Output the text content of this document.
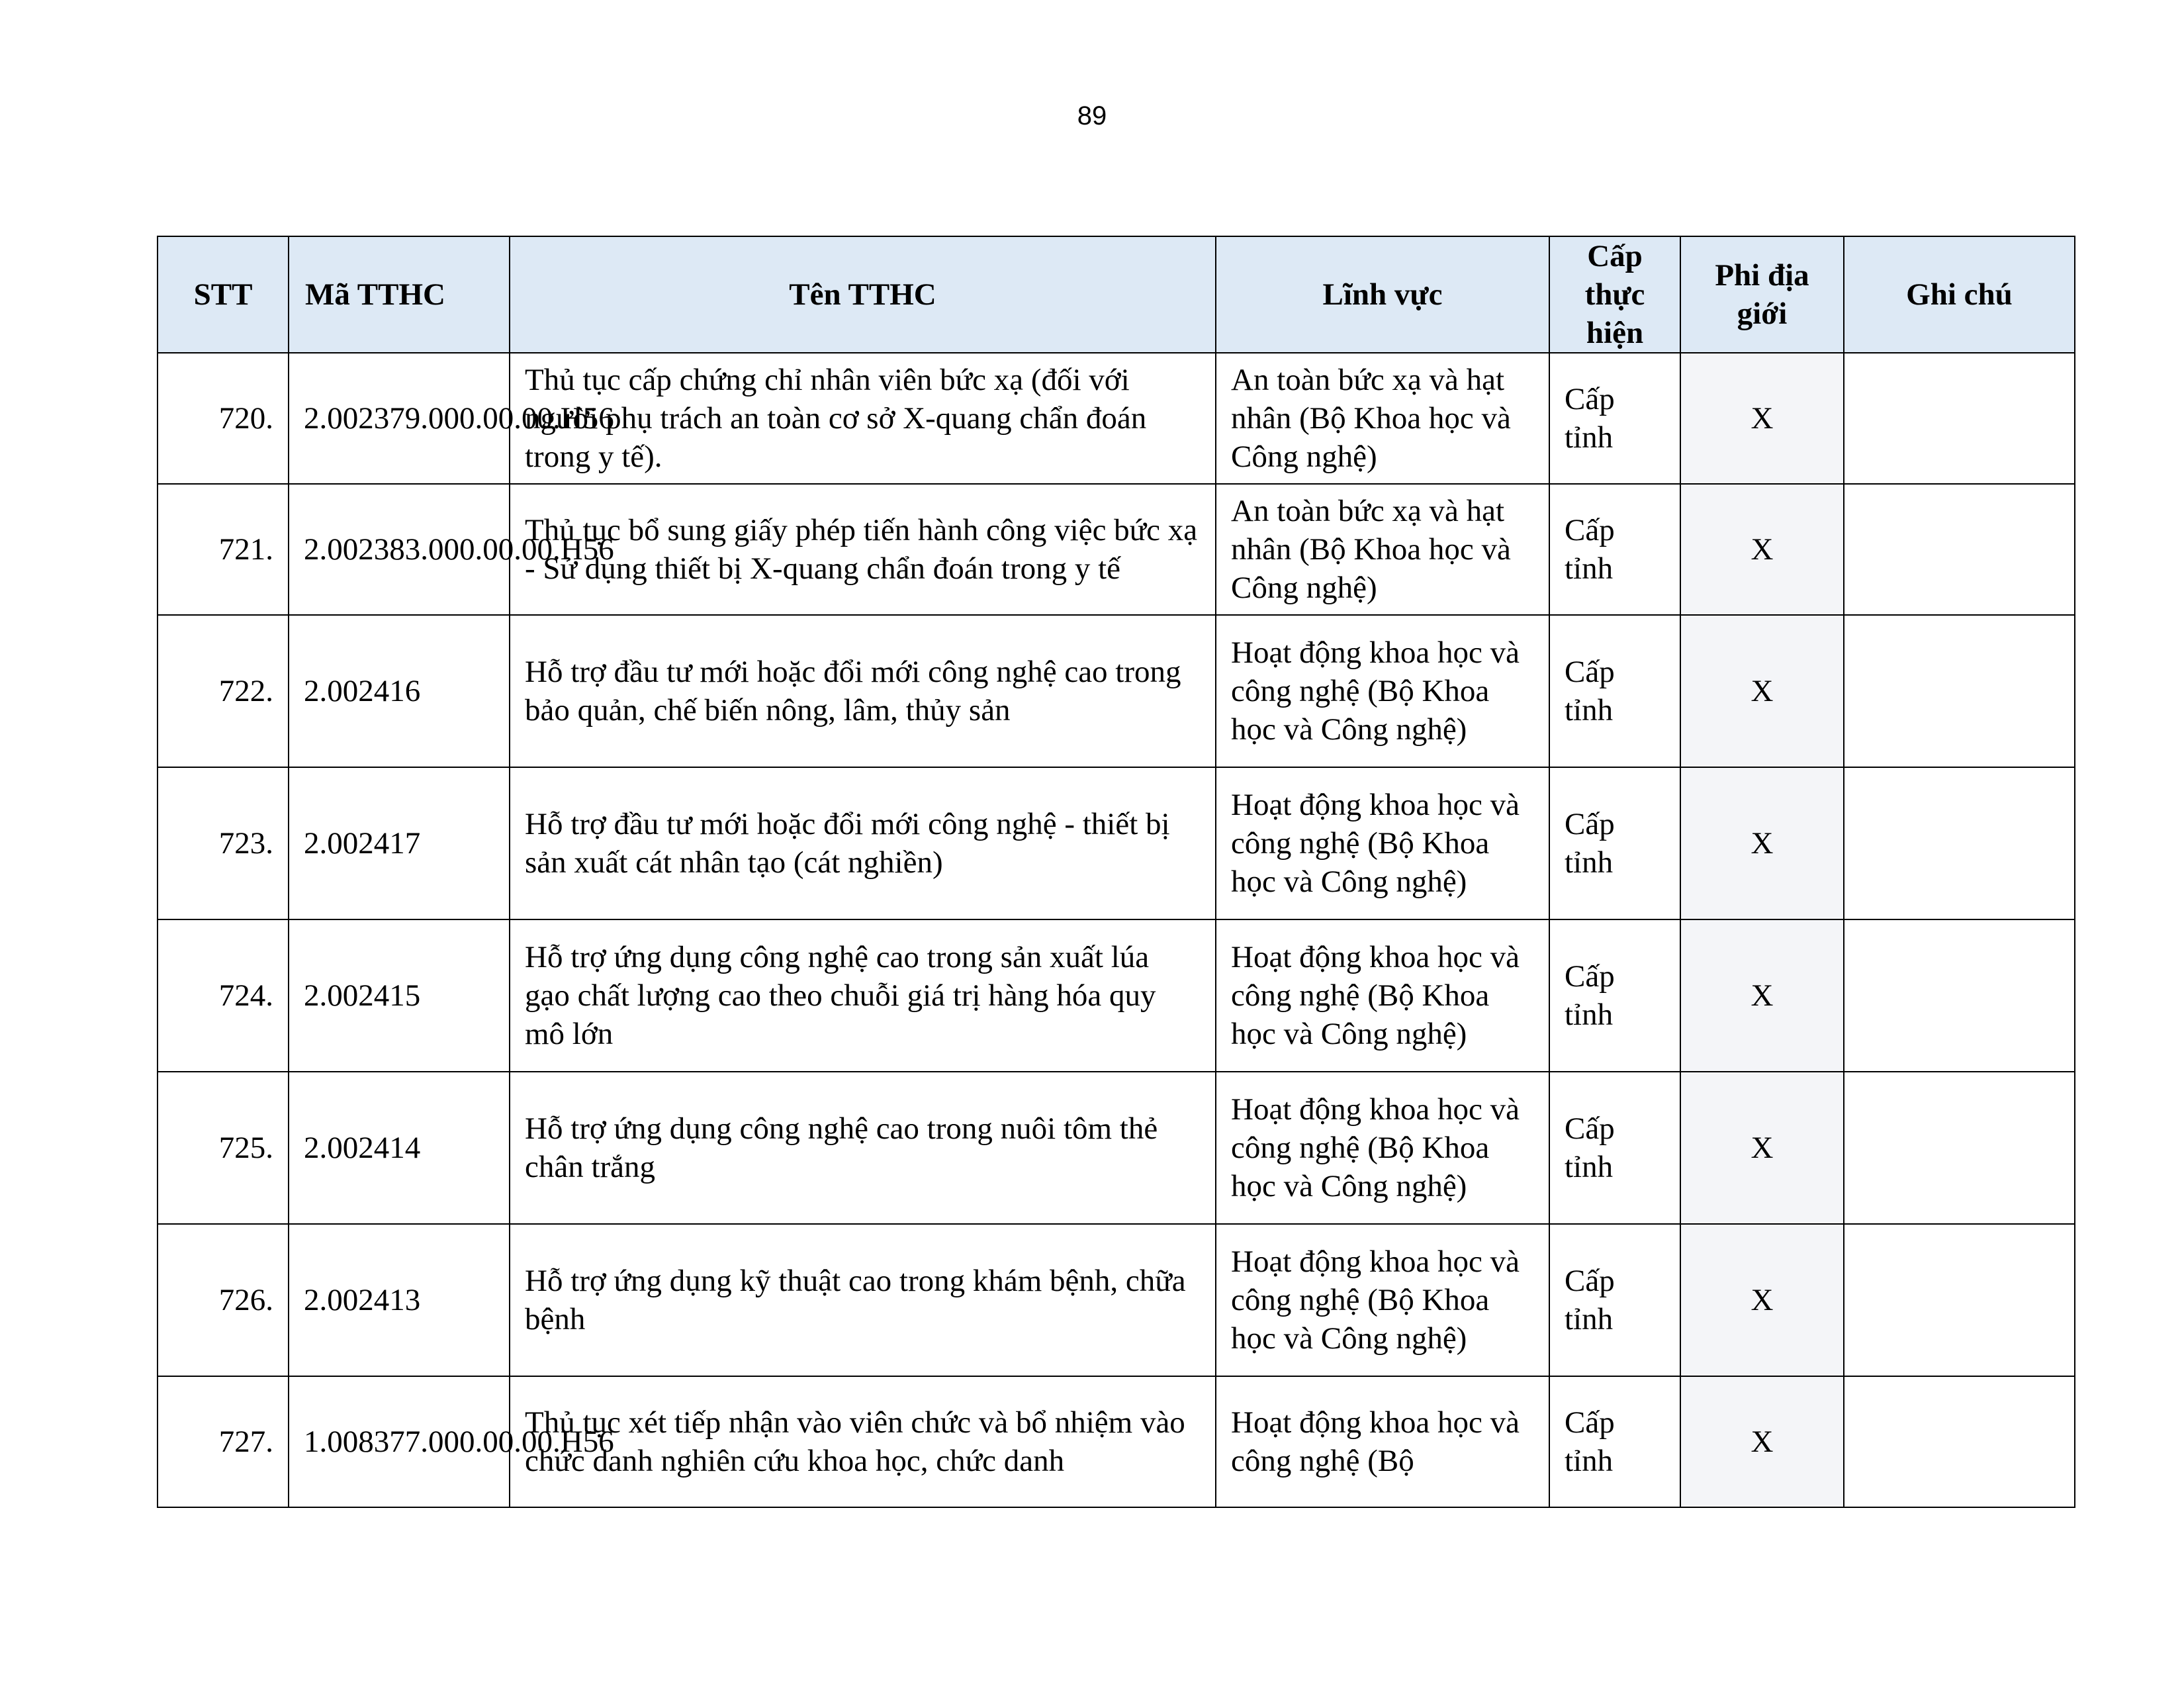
89
STT	Mã TTHC	Tên TTHC	Lĩnh vực	Cấp thực hiện	Phi địa giới	Ghi chú
720.	2.002379.000.00.00.H56	Thủ tục cấp chứng chỉ nhân viên bức xạ (đối với người phụ trách an toàn cơ sở X-quang chẩn đoán trong y tế).	An toàn bức xạ và hạt nhân (Bộ Khoa học và Công nghệ)	Cấp tỉnh	X	
721.	2.002383.000.00.00.H56	Thủ tục bổ sung giấy phép tiến hành công việc bức xạ - Sử dụng thiết bị X-quang chẩn đoán trong y tế	An toàn bức xạ và hạt nhân (Bộ Khoa học và Công nghệ)	Cấp tỉnh	X	
722.	2.002416	Hỗ trợ đầu tư mới hoặc đổi mới công nghệ cao trong bảo quản, chế biến nông, lâm, thủy sản	Hoạt động khoa học và công nghệ (Bộ Khoa học và Công nghệ)	Cấp tỉnh	X	
723.	2.002417	Hỗ trợ đầu tư mới hoặc đổi mới công nghệ - thiết bị sản xuất cát nhân tạo (cát nghiền)	Hoạt động khoa học và công nghệ (Bộ Khoa học và Công nghệ)	Cấp tỉnh	X	
724.	2.002415	Hỗ trợ ứng dụng công nghệ cao trong sản xuất lúa gạo chất lượng cao theo chuỗi giá trị hàng hóa quy mô lớn	Hoạt động khoa học và công nghệ (Bộ Khoa học và Công nghệ)	Cấp tỉnh	X	
725.	2.002414	Hỗ trợ ứng dụng công nghệ cao trong nuôi tôm thẻ chân trắng	Hoạt động khoa học và công nghệ (Bộ Khoa học và Công nghệ)	Cấp tỉnh	X	
726.	2.002413	Hỗ trợ ứng dụng kỹ thuật cao trong khám bệnh, chữa bệnh	Hoạt động khoa học và công nghệ (Bộ Khoa học và Công nghệ)	Cấp tỉnh	X	
727.	1.008377.000.00.00.H56	Thủ tục xét tiếp nhận vào viên chức và bổ nhiệm vào chức danh nghiên cứu khoa học, chức danh	Hoạt động khoa học và công nghệ (Bộ	Cấp tỉnh	X	
